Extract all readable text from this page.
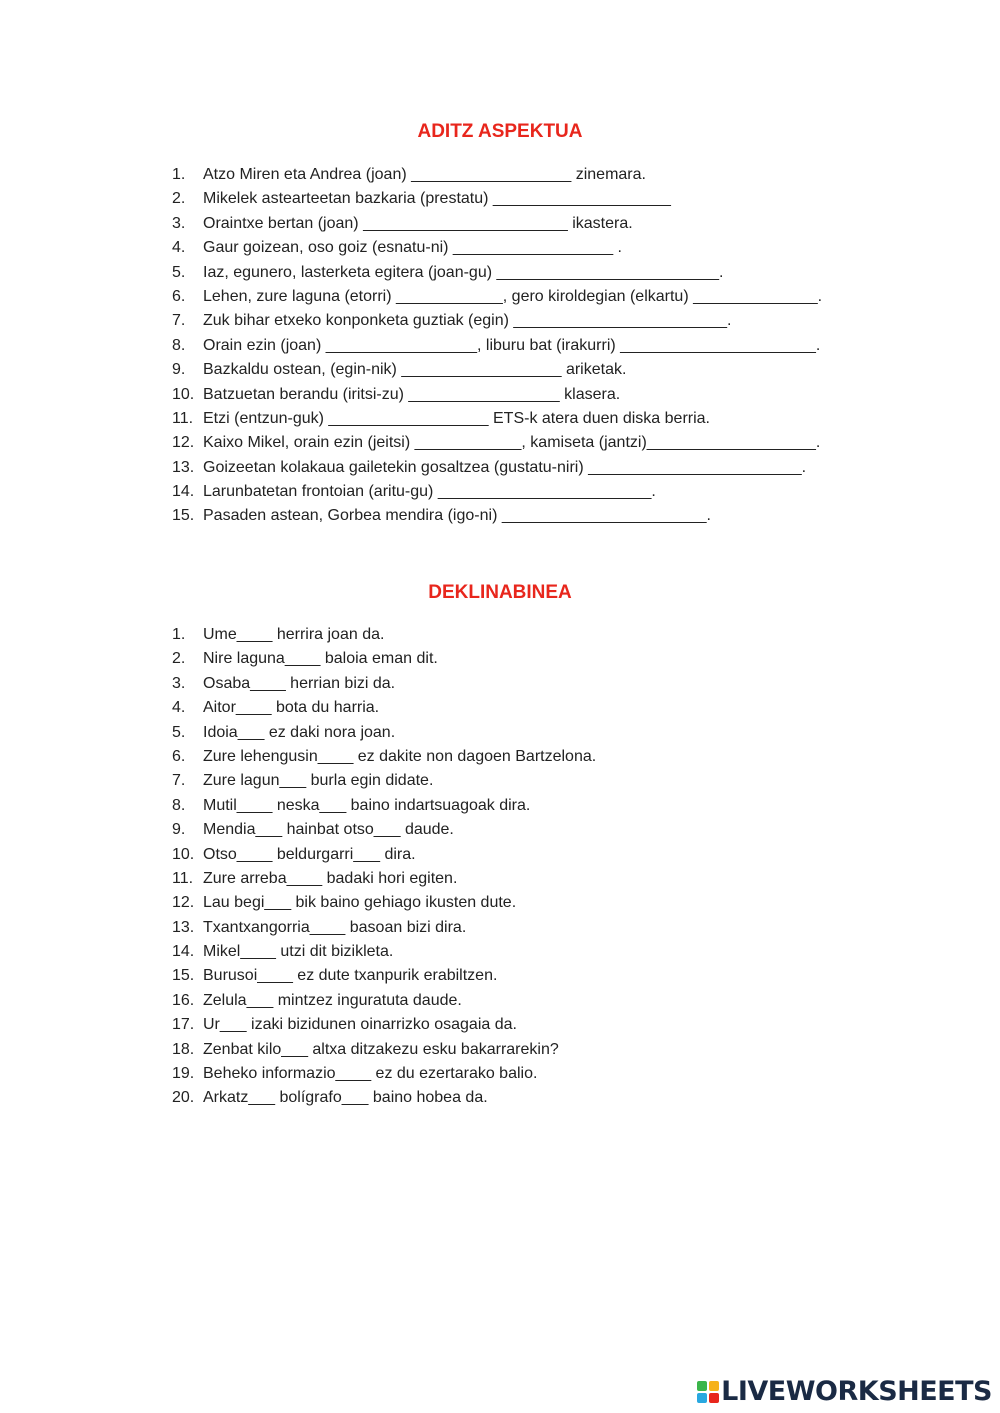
ADITZ ASPEKTUA
1.	Atzo Miren eta Andrea (joan) __________________ zinemara.
2.	Mikelek astearteetan bazkaria (prestatu) ____________________
3.	Oraintxe bertan (joan) _______________________ ikastera.
4.	Gaur goizean, oso goiz (esnatu-ni) __________________ .
5.	Iaz, egunero, lasterketa egitera (joan-gu) _________________________.
6.	Lehen, zure laguna (etorri) ____________, gero kiroldegian (elkartu) ______________.
7.	Zuk bihar etxeko konponketa guztiak (egin) ________________________.
8.	Orain ezin (joan) _________________, liburu bat (irakurri) ______________________.
9.	Bazkaldu ostean, (egin-nik) __________________ ariketak.
10. Batzuetan berandu (iritsi-zu) _________________ klasera.
11. Etzi (entzun-guk) __________________ ETS-k atera duen diska berria.
12. Kaixo Mikel, orain ezin (jeitsi) ____________, kamiseta (jantzi)___________________.
13. Goizeetan kolakaua gailetekin gosaltzea (gustatu-niri) ________________________.
14. Larunbatetan frontoian (aritu-gu) ________________________.
15. Pasaden astean, Gorbea mendira (igo-ni) _______________________.
DEKLINABINEA
1.	Ume____ herrira joan da.
2.	Nire laguna____ baloia eman dit.
3.	Osaba____ herrian bizi da.
4.	Aitor____ bota du harria.
5.	Idoia___ ez daki nora joan.
6.	Zure lehengusin____ ez dakite non dagoen Bartzelona.
7.	Zure lagun___ burla egin didate.
8.	Mutil____ neska___ baino indartsuagoak dira.
9.	Mendia___ hainbat otso___ daude.
10. Otso____ beldurgarri___ dira.
11. Zure arreba____ badaki hori egiten.
12. Lau begi___ bik baino gehiago ikusten dute.
13. Txantxangorria____ basoan bizi dira.
14. Mikel____ utzi dit bizikleta.
15. Burusoi____ ez dute txanpurik erabiltzen.
16. Zelula___ mintzez inguratuta daude.
17. Ur___ izaki bizidunen oinarrizko osagaia da.
18. Zenbat kilo___ altxa ditzakezu esku bakarrarekin?
19. Beheko informazio____ ez du ezertarako balio.
20. Arkatz___ bolígrafo___ baino hobea da.
LIVEWORKSHEETS
